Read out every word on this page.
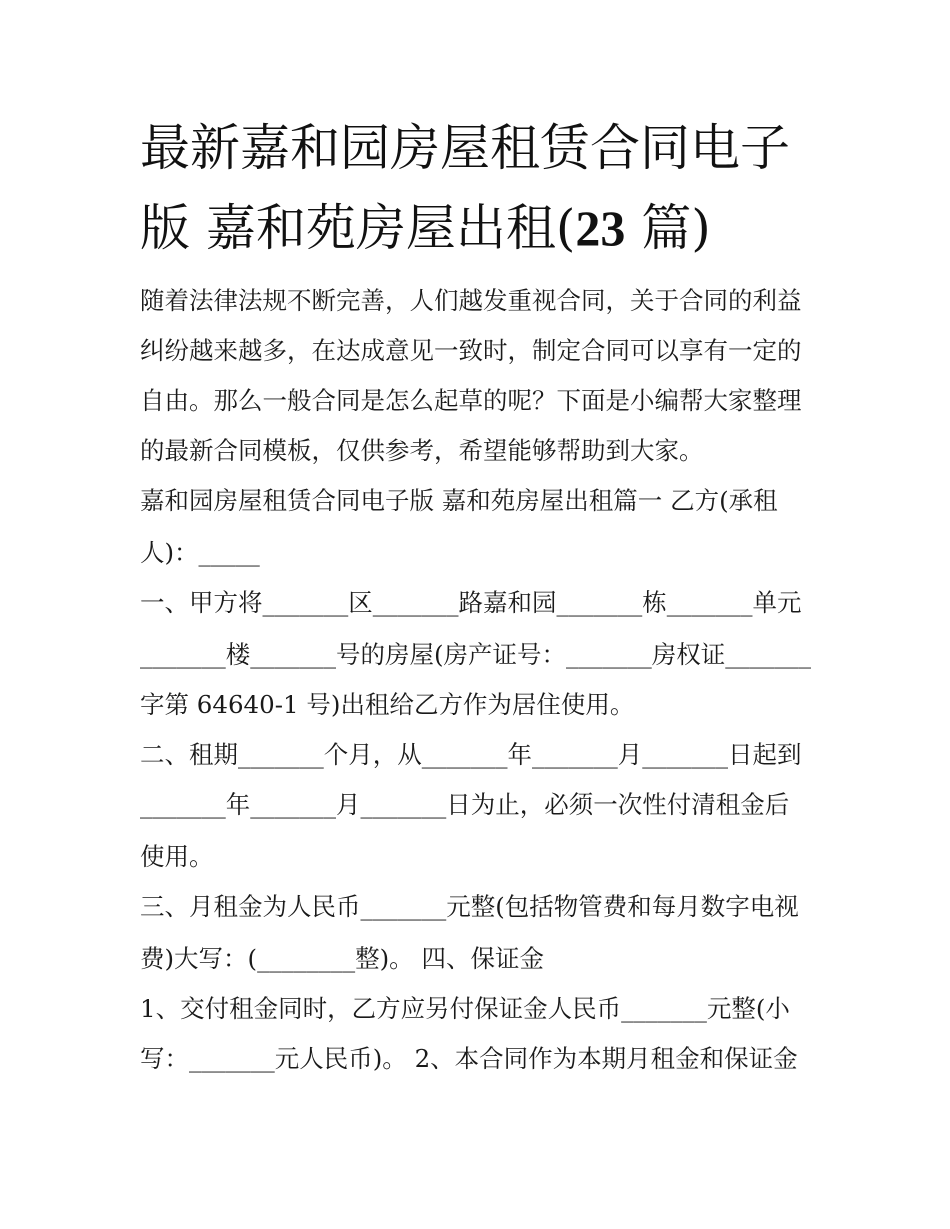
最新嘉和园房屋租赁合同电子
版 嘉和苑房屋出租(23 篇)
随着法律法规不断完善，人们越发重视合同，关于合同的利益
纠纷越来越多，在达成意见一致时，制定合同可以享有一定的
自由。那么一般合同是怎么起草的呢？下面是小编帮大家整理
的最新合同模板，仅供参考，希望能够帮助到大家。
嘉和园房屋租赁合同电子版 嘉和苑房屋出租篇一 乙方(承租
人)：_____
一、甲方将_______区_______路嘉和园_______栋_______单元
_______楼_______号的房屋(房产证号：_______房权证_______
字第 64640-1 号)出租给乙方作为居住使用。
二、租期_______个月，从_______年_______月_______日起到
_______年_______月_______日为止，必须一次性付清租金后
使用。
三、月租金为人民币_______元整(包括物管费和每月数字电视
费)大写：(________整)。 四、保证金
1、交付租金同时，乙方应另付保证金人民币_______元整(小
写：_______元人民币)。 2、本合同作为本期月租金和保证金
